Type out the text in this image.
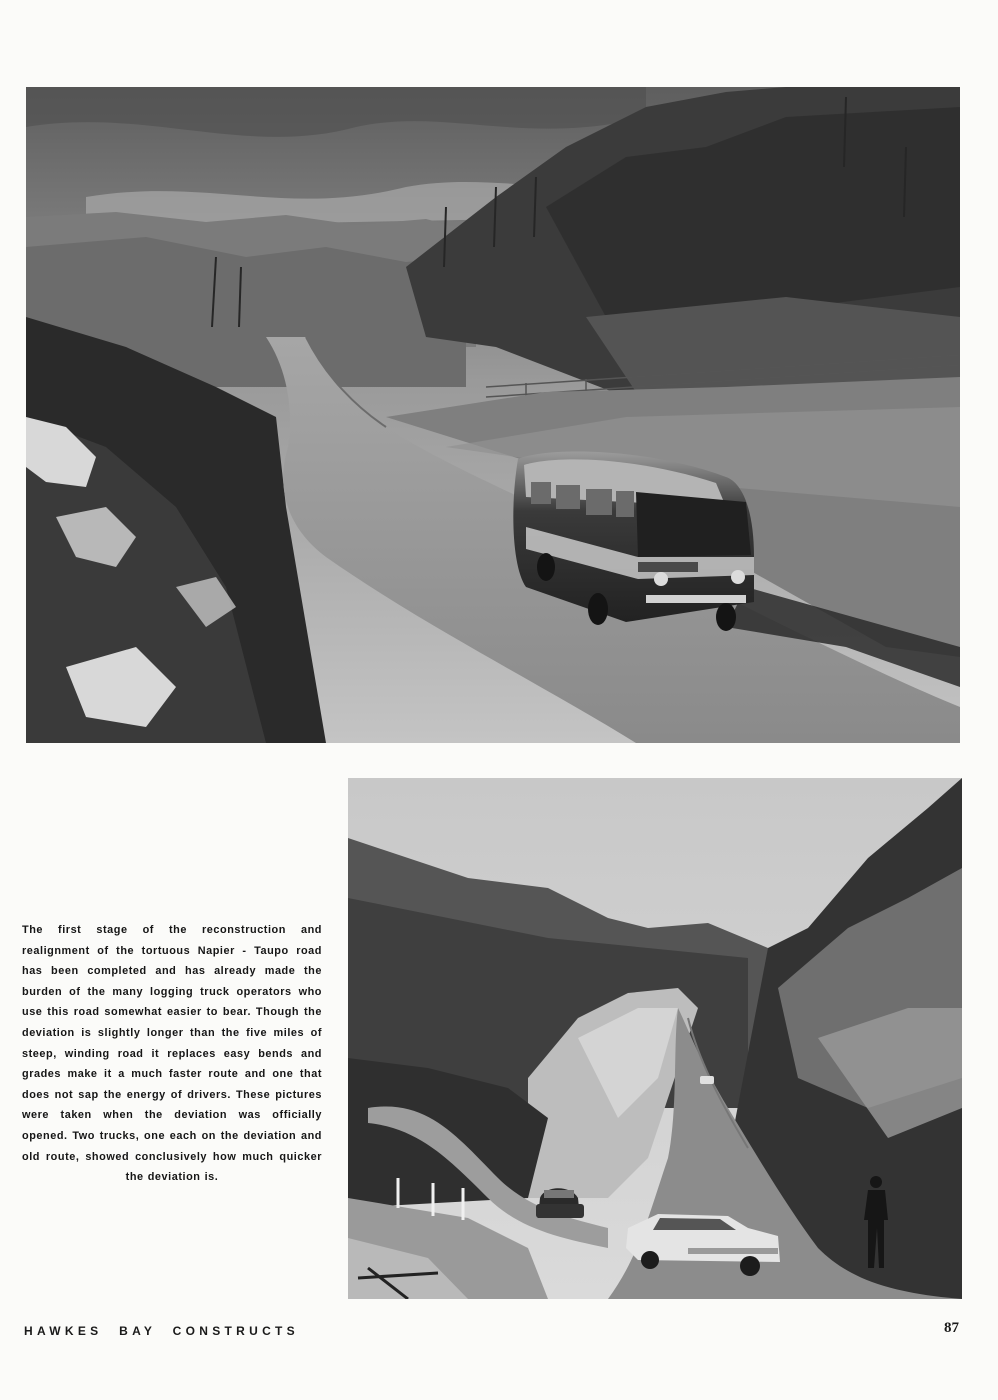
The first stage of the reconstruction and realignment of the tortuous Napier - Taupo road has been completed and has already made the burden of the many logging truck operators who use this road somewhat easier to bear. Though the deviation is slightly longer than the five miles of steep, winding road it replaces easy bends and grades make it a much faster route and one that does not sap the energy of drivers. These pictures were taken when the deviation was officially opened. Two trucks, one each on the deviation and old route, showed conclusively how much quicker the deviation is.
HAWKES BAY CONSTRUCTS	87
